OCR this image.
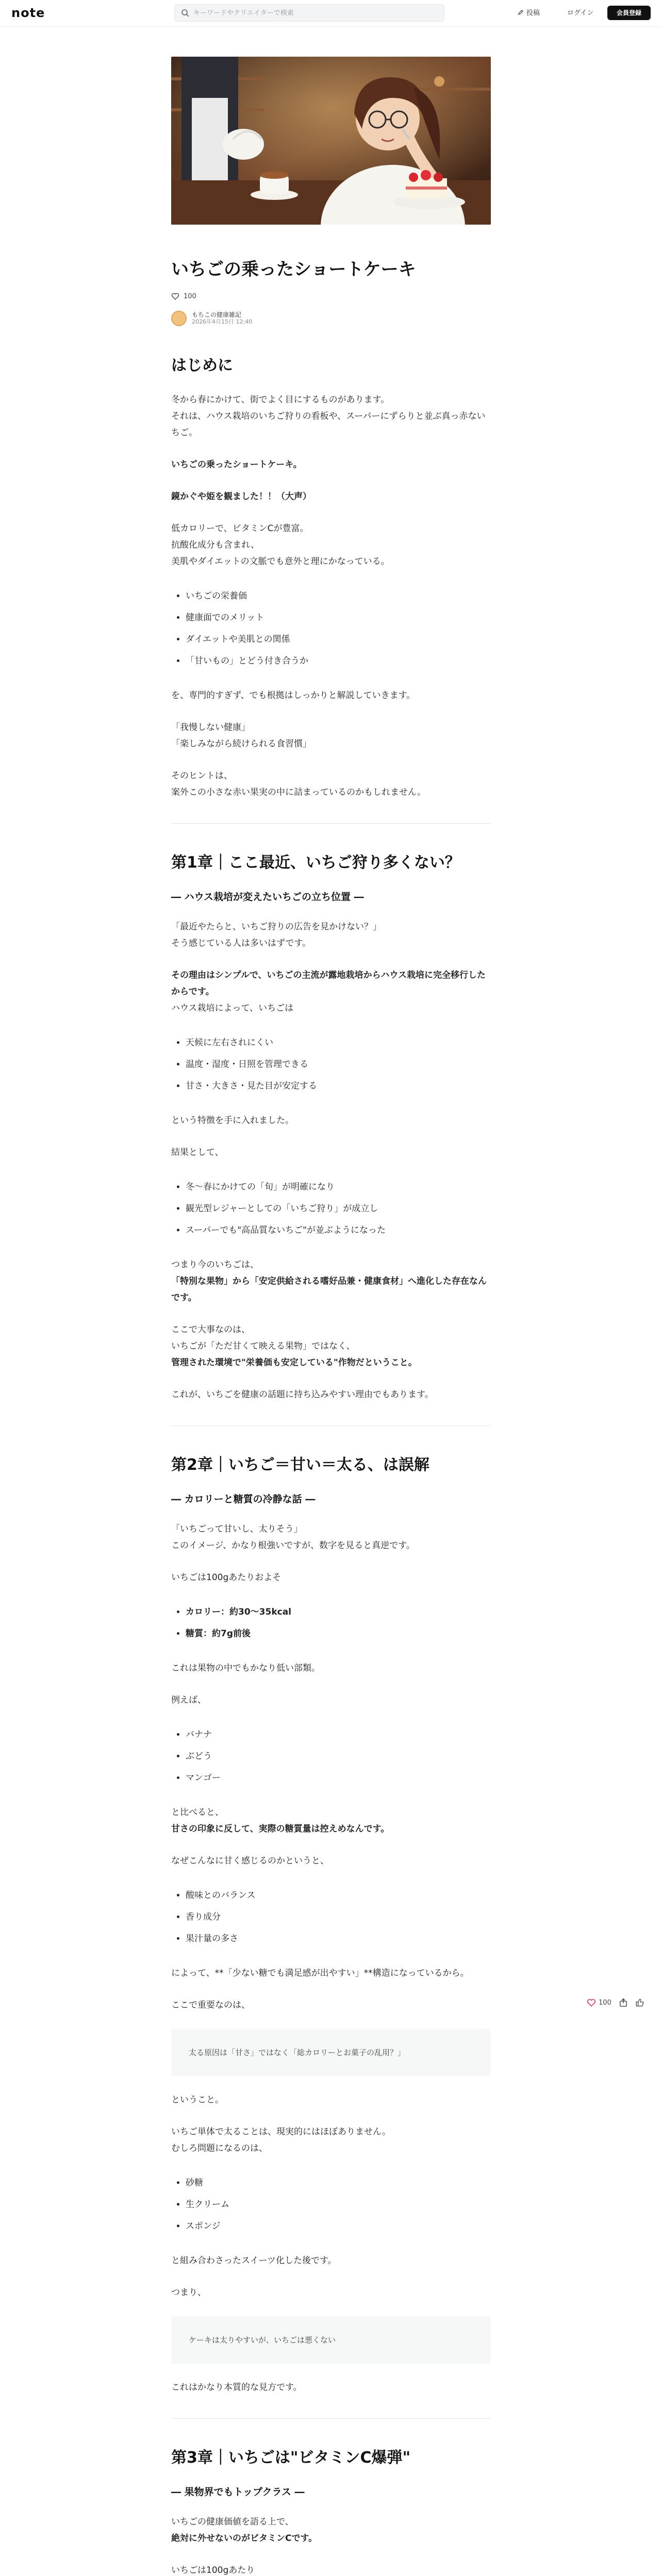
note
キーワードやクリエイターで検索	投稿	ログイン	会員登録
いちごの乗ったショートケーキ
100
もちこの健康雑記
2026年4月15日 12:40
はじめに

冬から春にかけて、街でよく目にするものがあります。
それは、ハウス栽培のいちご狩りの看板や、スーパーにずらりと並ぶ真っ赤ないちご。

いちごの乗ったショートケーキ。

鏡かぐや姫を観ました！！（大声）

低カロリーで、ビタミンCが豊富。
抗酸化成分も含まれ、
美肌やダイエットの文脈でも意外と理にかなっている。

• いちごの栄養価
• 健康面でのメリット
• ダイエットや美肌との関係
• 「甘いもの」とどう付き合うか

を、専門的すぎず、でも根拠はしっかりと解説していきます。

「我慢しない健康」
「楽しみながら続けられる食習慣」

そのヒントは、
案外この小さな赤い果実の中に詰まっているのかもしれません。

第1章｜ここ最近、いちご狩り多くない？
― ハウス栽培が変えたいちごの立ち位置 ―

「最近やたらと、いちご狩りの広告を見かけない？」
そう感じている人は多いはずです。

その理由はシンプルで、いちごの主流が露地栽培からハウス栽培に完全移行したからです。
ハウス栽培によって、いちごは

• 天候に左右されにくい
• 温度・湿度・日照を管理できる
• 甘さ・大きさ・見た目が安定する

という特徴を手に入れました。

結果として、

• 冬～春にかけての「旬」が明確になり
• 観光型レジャーとしての「いちご狩り」が成立し
• スーパーでも"高品質ないちご"が並ぶようになった

つまり今のいちごは、
「特別な果物」から「安定供給される嗜好品兼・健康食材」へ進化した存在なんです。

ここで大事なのは、
いちごが「ただ甘くて映える果物」ではなく、
管理された環境で"栄養価も安定している"作物だということ。

これが、いちごを健康の話題に持ち込みやすい理由でもあります。

第2章｜いちご＝甘い＝太る、は誤解
― カロリーと糖質の冷静な話 ―

「いちごって甘いし、太りそう」
このイメージ、かなり根強いですが、数字を見ると真逆です。

いちごは100gあたりおよそ

• カロリー：約30～35kcal
• 糖質：約7g前後

これは果物の中でもかなり低い部類。

例えば、

• バナナ
• ぶどう
• マンゴー

と比べると、
甘さの印象に反して、実際の糖質量は控えめなんです。

なぜこんなに甘く感じるのかというと、

• 酸味とのバランス
• 香り成分
• 果汁量の多さ

によって、**「少ない糖でも満足感が出やすい」**構造になっているから。

ここで重要なのは、

太る原因は「甘さ」ではなく「総カロリーとお菓子の乱用？」

ということ。

いちご単体で太ることは、現実的にはほぼありません。
むしろ問題になるのは、

• 砂糖
• 生クリーム
• スポンジ

と組み合わさったスイーツ化した後です。

つまり、

ケーキは太りやすいが、いちごは悪くない

これはかなり本質的な見方です。

第3章｜いちごは"ビタミンC爆弾"
― 果物界でもトップクラス ―

いちごの健康価値を語る上で、
絶対に外せないのがビタミンCです。

いちごは100gあたり

100
